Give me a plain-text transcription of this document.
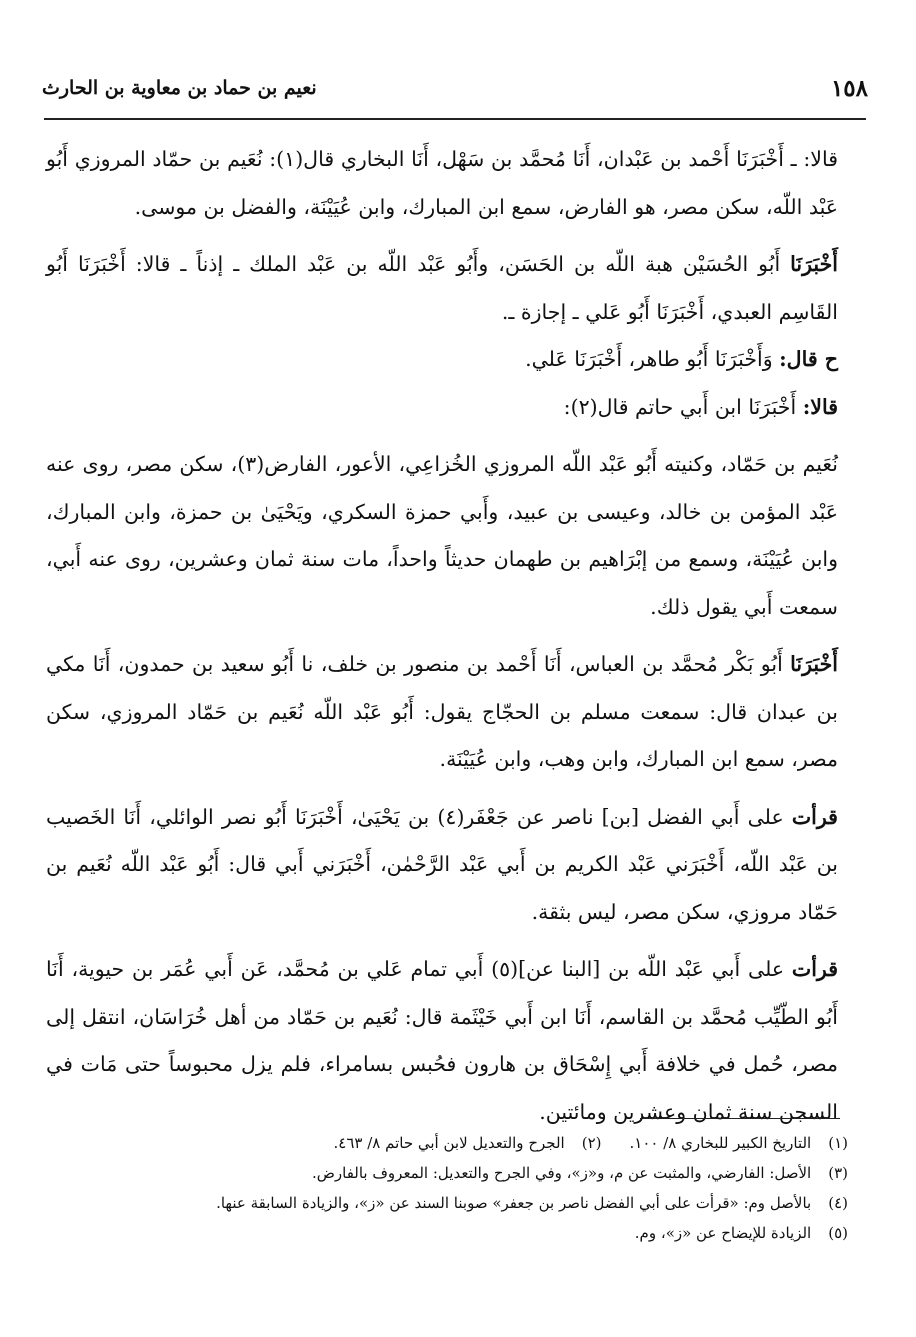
١٥٨
نعيم بن حماد بن معاوية بن الحارث

قالا: ـ أَخْبَرَنَا أَحْمد بن عَبْدان، أَنَا مُحمَّد بن سَهْل، أَنَا البخاري قال(١): نُعَيم بن حمّاد المروزي أَبُو عَبْد اللّه، سكن مصر، هو الفارض، سمع ابن المبارك، وابن عُيَيْنَة، والفضل بن موسى.

أَخْبَرَنَا أَبُو الحُسَيْن هبة اللّه بن الحَسَن، وأَبُو عَبْد اللّه بن عَبْد الملك ـ إذناً ـ قالا: أَخْبَرَنَا أَبُو القَاسِم العبدي، أَخْبَرَنَا أَبُو عَلي ـ إجازة ـ.

ح قال: وَأَخْبَرَنَا أَبُو طاهر، أَخْبَرَنَا عَلي.

قالا: أَخْبَرَنَا ابن أَبي حاتم قال(٢):

نُعَيم بن حَمّاد، وكنيته أَبُو عَبْد اللّه المروزي الخُزاعِي، الأعور، الفارض(٣)، سكن مصر، روى عنه عَبْد المؤمن بن خالد، وعيسى بن عبيد، وأَبي حمزة السكري، ويَحْيَىٰ بن حمزة، وابن المبارك، وابن عُيَيْنَة، وسمع من إبْرَاهيم بن طهمان حديثاً واحداً، مات سنة ثمان وعشرين، روى عنه أَبي، سمعت أَبي يقول ذلك.

أَخْبَرَنَا أَبُو بَكْر مُحمَّد بن العباس، أَنَا أَحْمد بن منصور بن خلف، نا أَبُو سعيد بن حمدون، أَنَا مكي بن عبدان قال: سمعت مسلم بن الحجّاج يقول: أَبُو عَبْد اللّه نُعَيم بن حَمّاد المروزي، سكن مصر، سمع ابن المبارك، وابن وهب، وابن عُيَيْنَة.

قرأت على أَبي الفضل [بن] ناصر عن جَعْفَر(٤) بن يَحْيَىٰ، أَخْبَرَنَا أَبُو نصر الوائلي، أَنَا الخَصيب بن عَبْد اللّه، أَخْبَرَني عَبْد الكريم بن أَبي عَبْد الرَّحْمٰن، أَخْبَرَني أَبي قال: أَبُو عَبْد اللّه نُعَيم بن حَمّاد مروزي، سكن مصر، ليس بثقة.

قرأت على أَبي عَبْد اللّه بن [البنا عن](٥) أَبي تمام عَلي بن مُحمَّد، عَن أَبي عُمَر بن حيوية، أَنَا أَبُو الطّيِّب مُحمَّد بن القاسم، أَنَا ابن أَبي خَيْثَمة قال: نُعَيم بن حَمّاد من أهل خُرَاسَان، انتقل إلى مصر، حُمل في خلافة أَبي إِسْحَاق بن هارون فحُبس بسامراء، فلم يزل محبوساً حتى مَات في السجن سنة ثمان وعشرين ومائتين.

(١) التاريخ الكبير للبخاري ٨/ ١٠٠.
(٢) الجرح والتعديل لابن أبي حاتم ٨/ ٤٦٣.
(٣) الأصل: الفارضي، والمثبت عن م، و«ز»، وفي الجرح والتعديل: المعروف بالفارض.
(٤) بالأصل وم: «قرأت على أبي الفضل ناصر بن جعفر» صوبنا السند عن «ز»، والزيادة السابقة عنها.
(٥) الزيادة للإيضاح عن «ز»، وم.
